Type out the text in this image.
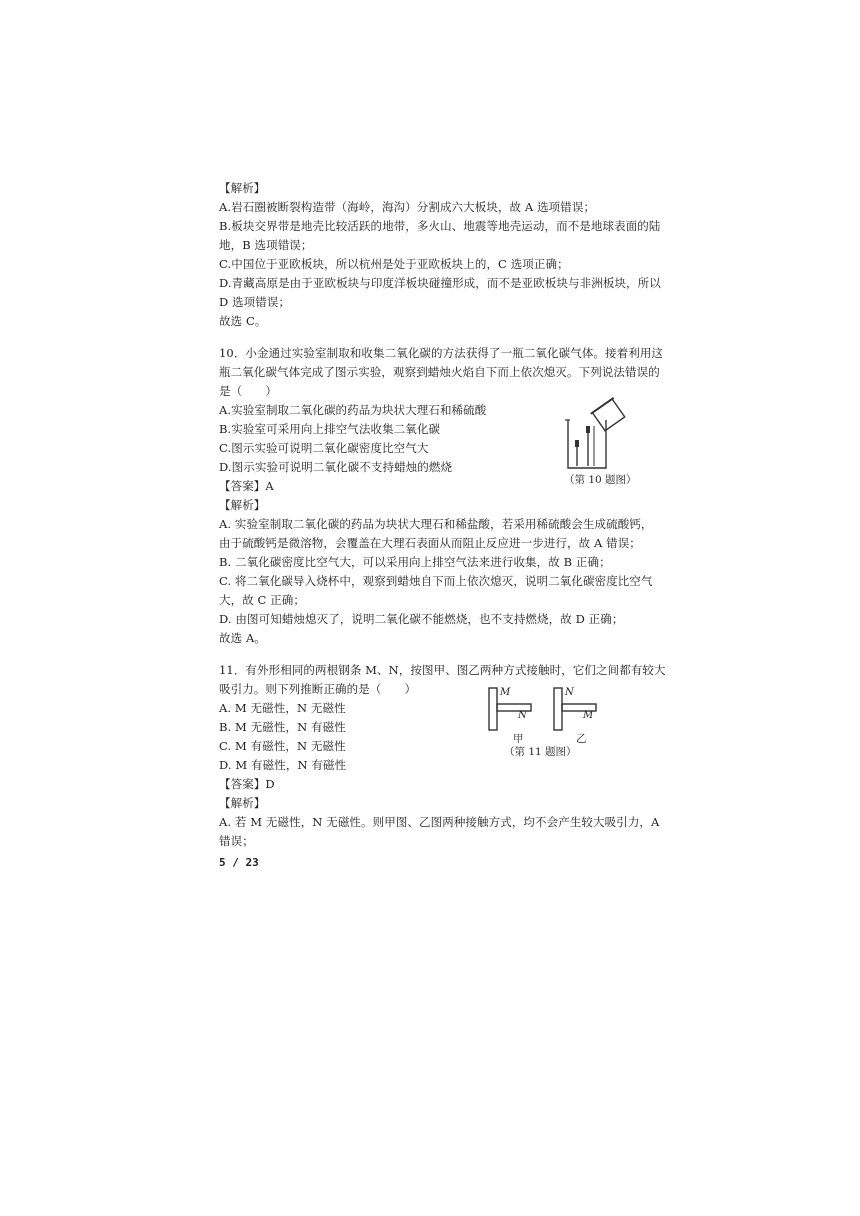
【解析】
A.岩石圈被断裂构造带（海岭，海沟）分割成六大板块，故 A 选项错误；
B.板块交界带是地壳比较活跃的地带，多火山、地震等地壳运动，而不是地球表面的陆
地，B 选项错误；
C.中国位于亚欧板块，所以杭州是处于亚欧板块上的，C 选项正确；
D.青藏高原是由于亚欧板块与印度洋板块碰撞形成，而不是亚欧板块与非洲板块，所以
D 选项错误；
故选 C。
10．小金通过实验室制取和收集二氧化碳的方法获得了一瓶二氧化碳气体。接着利用这
瓶二氧化碳气体完成了图示实验，观察到蜡烛火焰自下而上依次熄灭。下列说法错误的
是（　　）
A.实验室制取二氧化碳的药品为块状大理石和稀硫酸
B.实验室可采用向上排空气法收集二氧化碳
C.图示实验可说明二氧化碳密度比空气大
D.图示实验可说明二氧化碳不支持蜡烛的燃烧
（第 10 题图）
【答案】A
【解析】
A. 实验室制取二氧化碳的药品为块状大理石和稀盐酸，若采用稀硫酸会生成硫酸钙，
由于硫酸钙是微溶物，会覆盖在大理石表面从而阻止反应进一步进行，故 A 错误；
B. 二氧化碳密度比空气大，可以采用向上排空气法来进行收集，故 B 正确；
C. 将二氧化碳导入烧杯中，观察到蜡烛自下而上依次熄灭，说明二氧化碳密度比空气
大，故 C 正确；
D. 由图可知蜡烛熄灭了，说明二氧化碳不能燃烧，也不支持燃烧，故 D 正确；
故选 A。
11．有外形相同的两根钢条 M、N，按图甲、图乙两种方式接触时，它们之间都有较大
吸引力。则下列推断正确的是（　　）
A. M 无磁性，N 无磁性
B. M 无磁性，N 有磁性
C. M 有磁性，N 无磁性
D. M 有磁性，N 有磁性
M
N
N
M
甲	乙
（第 11 题图）
【答案】D
【解析】
A. 若 M 无磁性，N 无磁性。则甲图、乙图两种接触方式，均不会产生较大吸引力，A
错误；
5 / 23
